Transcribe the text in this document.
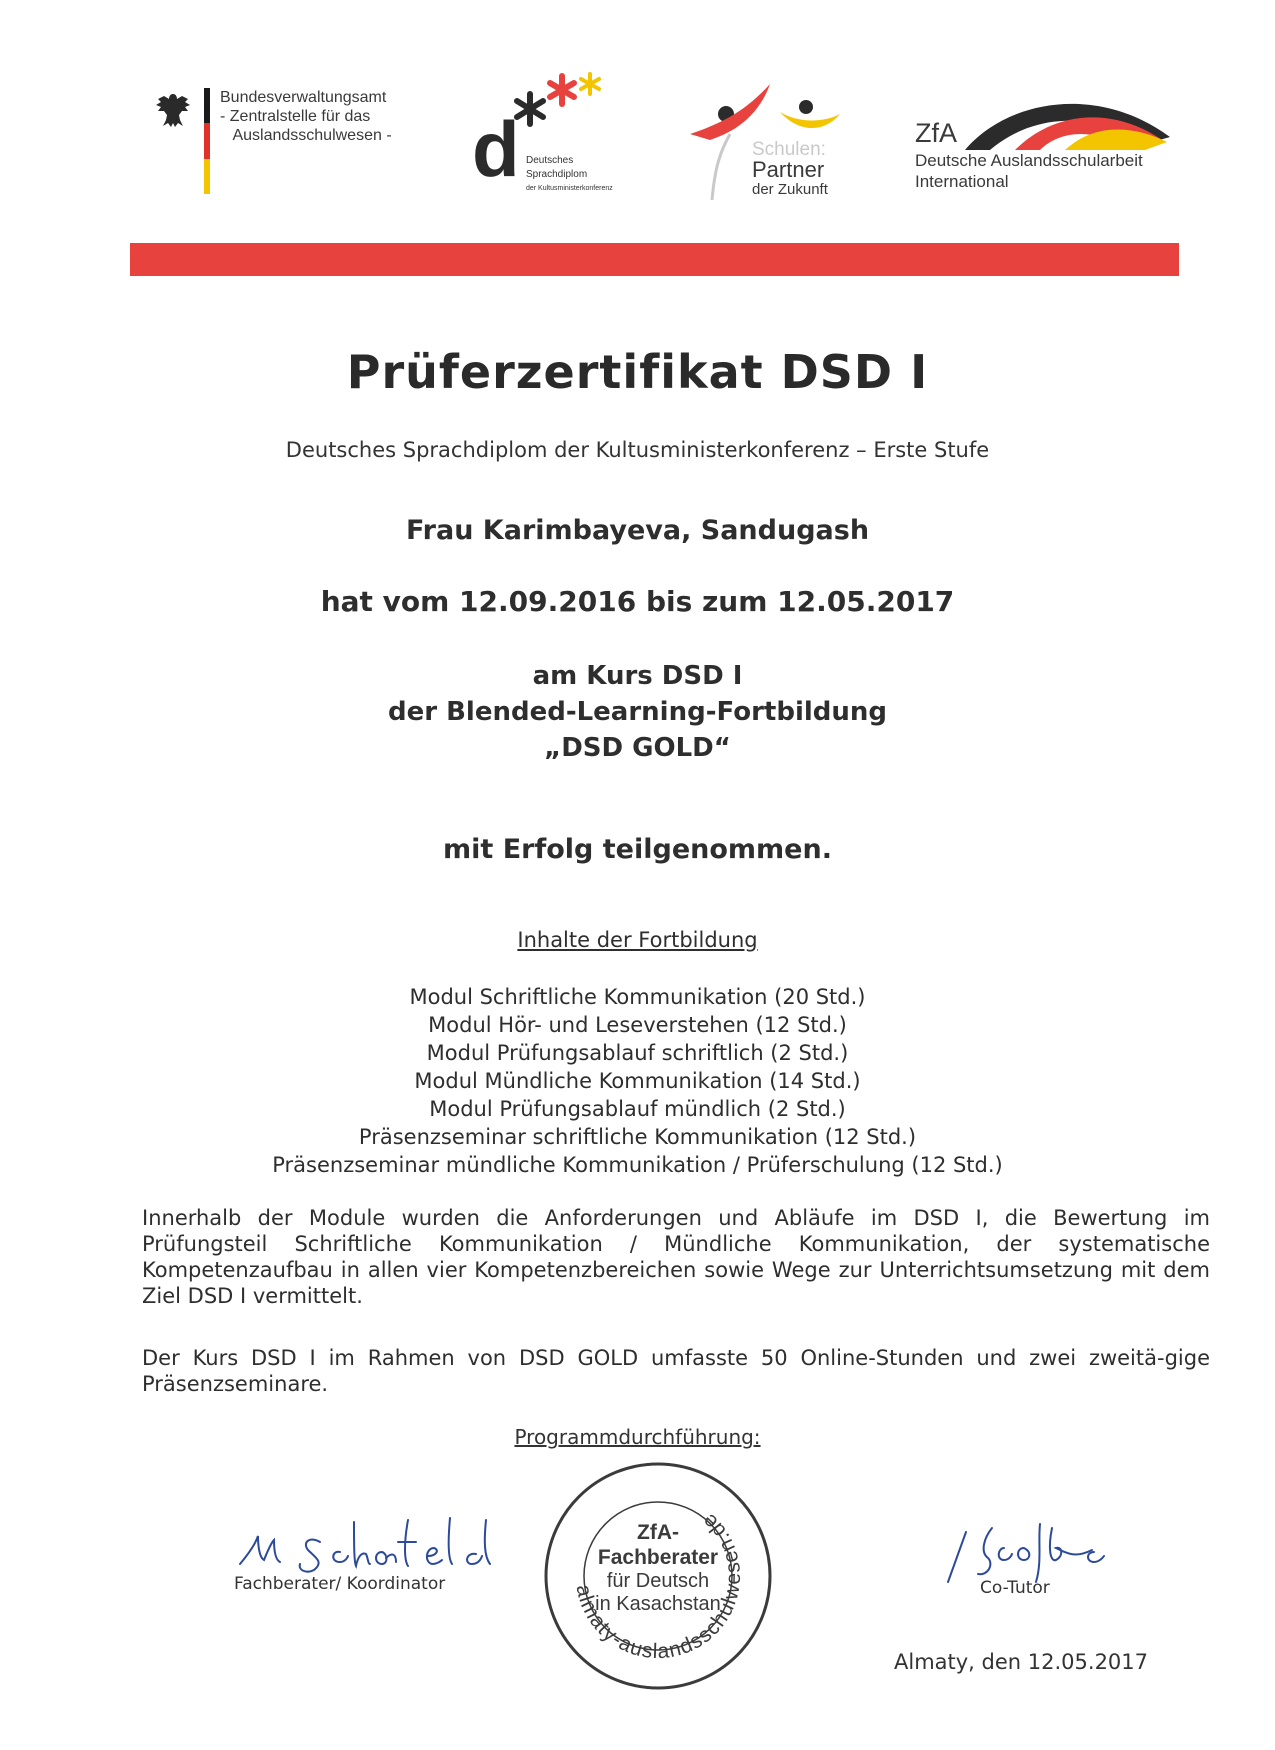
Bundesverwaltungsamt
- Zentralstelle für das
Auslandsschulwesen - d Deutsches
Sprachdiplom
der Kultusministerkonferenz
Schulen:
Partner
der Zukunft
ZfA
Deutsche Auslandsschularbeit
International
Prüferzertifikat DSD I
Deutsches Sprachdiplom der Kultusministerkonferenz – Erste Stufe
Frau Karimbayeva, Sandugash
hat vom 12.09.2016 bis zum 12.05.2017
am Kurs DSD I
der Blended-Learning-Fortbildung
„DSD GOLD“
mit Erfolg teilgenommen.
Inhalte der Fortbildung
Modul Schriftliche Kommunikation (20 Std.)
Modul Hör- und Leseverstehen (12 Std.)
Modul Prüfungsablauf schriftlich (2 Std.)
Modul Mündliche Kommunikation (14 Std.)
Modul Prüfungsablauf mündlich (2 Std.)
Präsenzseminar schriftliche Kommunikation (12 Std.)
Präsenzseminar mündliche Kommunikation / Prüferschulung (12 Std.)
Innerhalb der Module wurden die Anforderungen und Abläufe im DSD I, die Bewertung im Prüfungsteil Schriftliche Kommunikation / Mündliche Kommunikation, der systematische Kompetenzaufbau in allen vier Kompetenzbereichen sowie Wege zur Unterrichtsumsetzung mit dem Ziel DSD I vermittelt.
Der Kurs DSD I im Rahmen von DSD GOLD umfasste 50 Online-Stunden und zwei zweitä-gige Präsenzseminare.
Programmdurchführung:
Fachberater/ Koordinator	almaty-auslandsschulwesen.de
ZfA-
Fachberater
für Deutsch
in Kasachstan
Co-Tutor
Almaty, den 12.05.2017
